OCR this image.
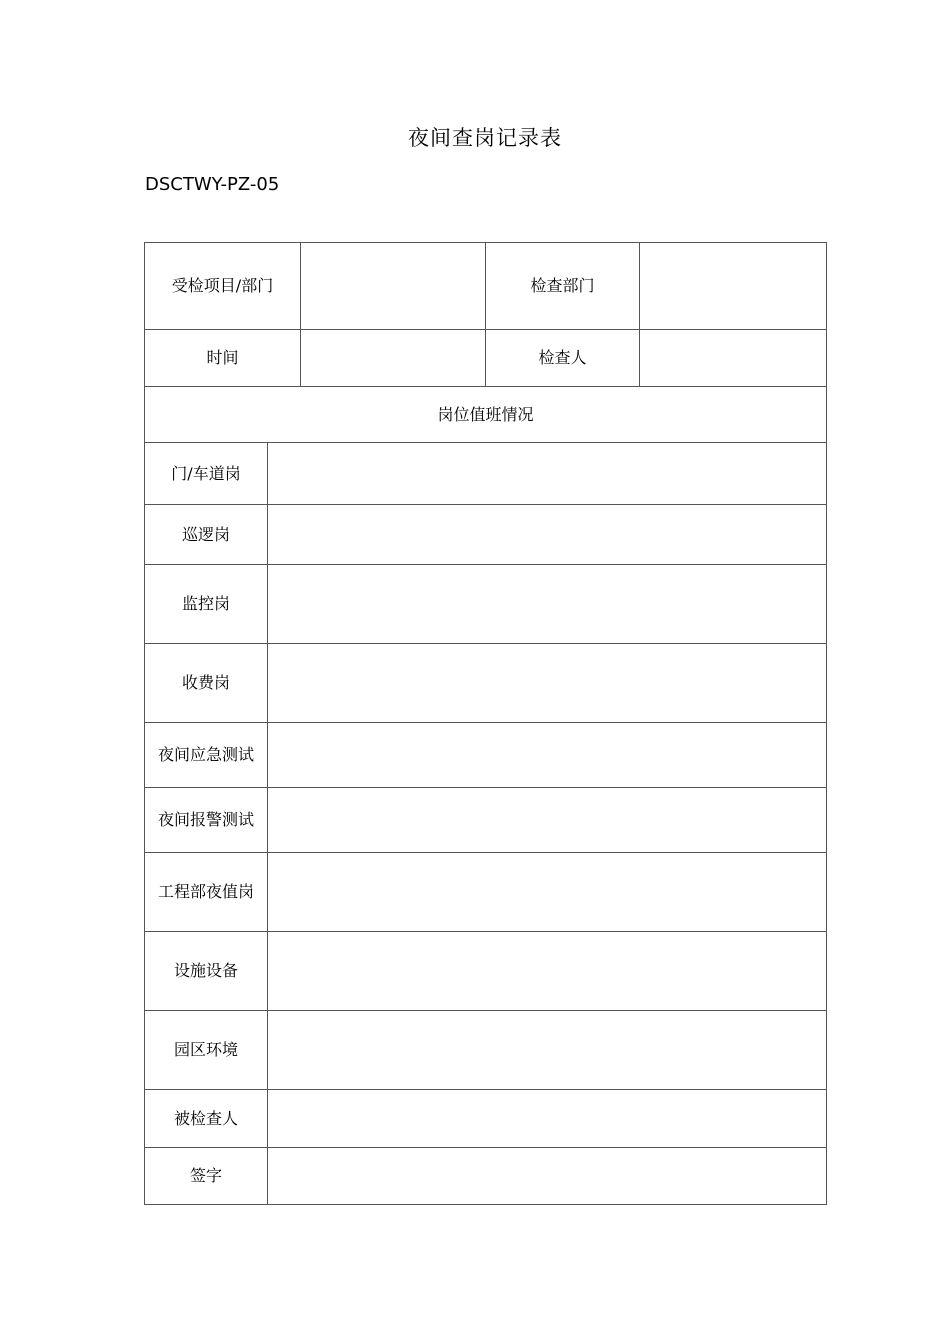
夜间查岗记录表
DSCTWY-PZ-05
受检项目/部门			检查部门	
时间			检查人	
岗位值班情况				
门/车道岗				
巡逻岗				
监控岗				
收费岗				
夜间应急测试				
夜间报警测试				
工程部夜值岗				
设施设备				
园区环境				
被检查人				
签字				
